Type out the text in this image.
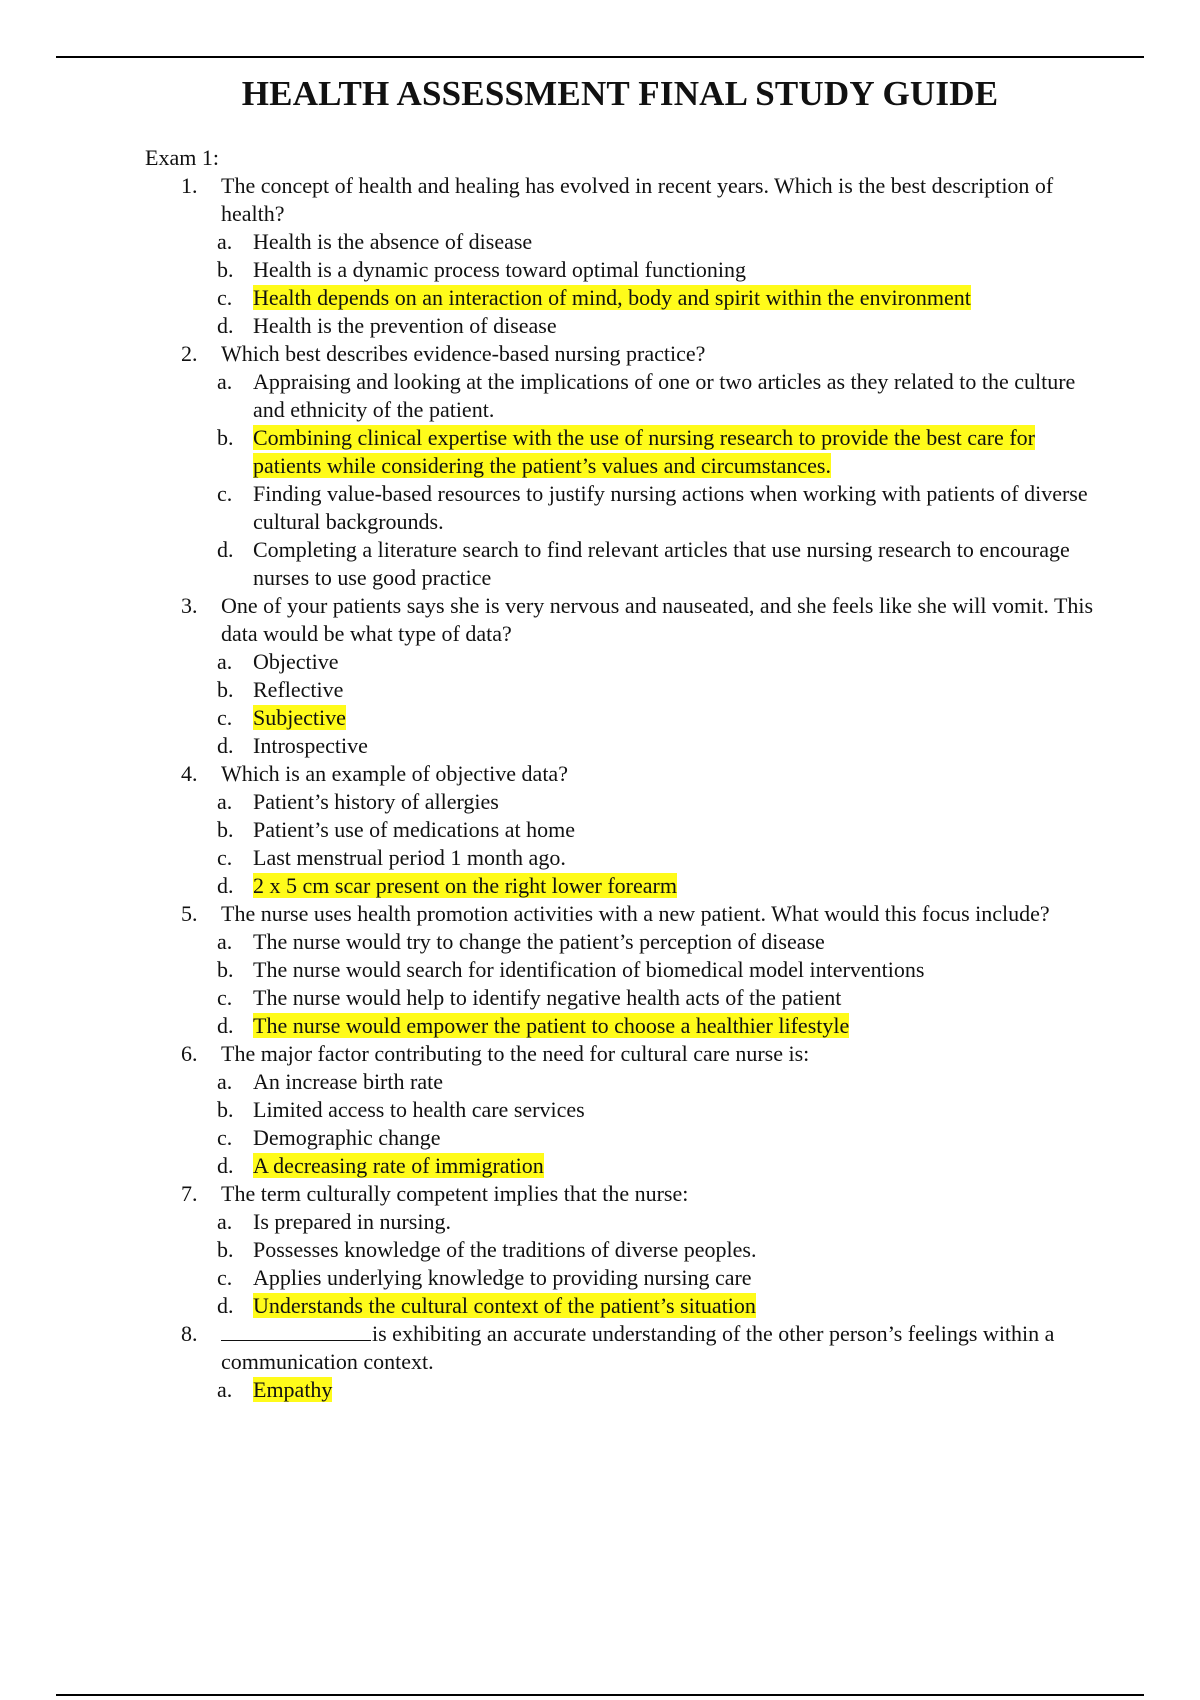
HEALTH ASSESSMENT FINAL STUDY GUIDE
Exam 1:
1.	The concept of health and healing has evolved in recent years. Which is the best description of health?
a. Health is the absence of disease
b. Health is a dynamic process toward optimal functioning
c. Health depends on an interaction of mind, body and spirit within the environment
d. Health is the prevention of disease
2.	Which best describes evidence-based nursing practice?
a. Appraising and looking at the implications of one or two articles as they related to the culture and ethnicity of the patient.
b. Combining clinical expertise with the use of nursing research to provide the best care for patients while considering the patient’s values and circumstances.
c. Finding value-based resources to justify nursing actions when working with patients of diverse cultural backgrounds.
d. Completing a literature search to find relevant articles that use nursing research to encourage nurses to use good practice
3.	One of your patients says she is very nervous and nauseated, and she feels like she will vomit. This data would be what type of data?
a. Objective
b. Reflective
c. Subjective
d. Introspective
4.	Which is an example of objective data?
a. Patient’s history of allergies
b. Patient’s use of medications at home
c. Last menstrual period 1 month ago.
d. 2 x 5 cm scar present on the right lower forearm
5.	The nurse uses health promotion activities with a new patient. What would this focus include?
a. The nurse would try to change the patient’s perception of disease
b. The nurse would search for identification of biomedical model interventions
c. The nurse would help to identify negative health acts of the patient
d. The nurse would empower the patient to choose a healthier lifestyle
6.	The major factor contributing to the need for cultural care nurse is:
a. An increase birth rate
b. Limited access to health care services
c. Demographic change
d. A decreasing rate of immigration
7.	The term culturally competent implies that the nurse:
a. Is prepared in nursing.
b. Possesses knowledge of the traditions of diverse peoples.
c. Applies underlying knowledge to providing nursing care
d. Understands the cultural context of the patient’s situation
8.	is exhibiting an accurate understanding of the other person’s feelings within a communication context.
a. Empathy
